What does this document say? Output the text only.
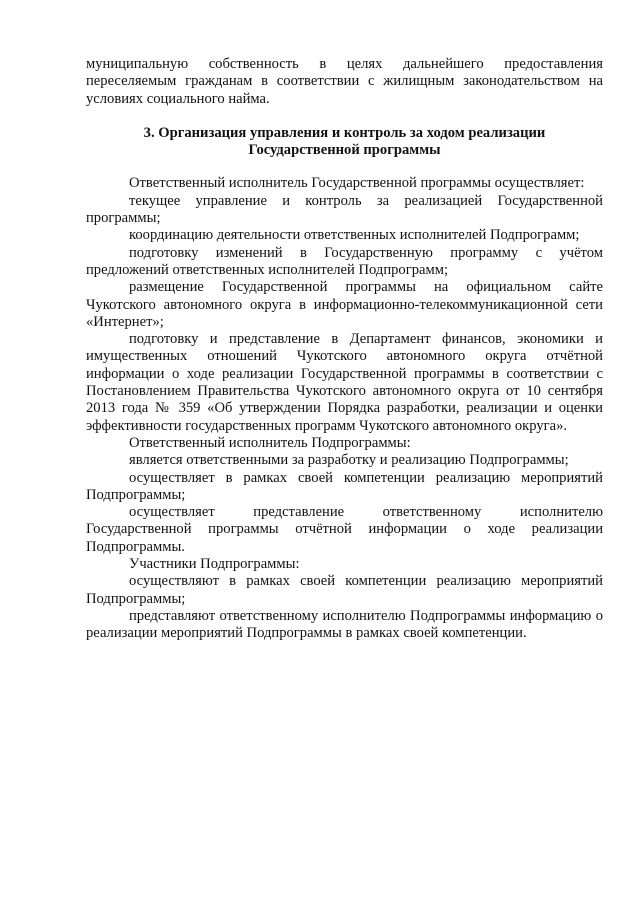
муниципальную собственность в целях дальнейшего предоставления переселяемым гражданам в соответствии с жилищным законодательством на условиях социального найма.

3. Организация управления и контроль за ходом реализации
Государственной программы

Ответственный исполнитель Государственной программы осуществляет:

текущее управление и контроль за реализацией Государственной программы;

координацию деятельности ответственных исполнителей Подпрограмм;

подготовку изменений в Государственную программу с учётом предложений ответственных исполнителей Подпрограмм;

размещение Государственной программы на официальном сайте Чукотского автономного округа в информационно-телекоммуникационной сети «Интернет»;

подготовку и представление в Департамент финансов, экономики и имущественных отношений Чукотского автономного округа отчётной информации о ходе реализации Государственной программы в соответствии с Постановлением Правительства Чукотского автономного округа от 10 сентября 2013 года № 359 «Об утверждении Порядка разработки, реализации и оценки эффективности государственных программ Чукотского автономного округа».

Ответственный исполнитель Подпрограммы:

является ответственными за разработку и реализацию Подпрограммы;

осуществляет в рамках своей компетенции реализацию мероприятий Подпрограммы;

осуществляет представление ответственному исполнителю Государственной программы отчётной информации о ходе реализации Подпрограммы.

Участники Подпрограммы:

осуществляют в рамках своей компетенции реализацию мероприятий Подпрограммы;

представляют ответственному исполнителю Подпрограммы информацию о реализации мероприятий Подпрограммы в рамках своей компетенции.
